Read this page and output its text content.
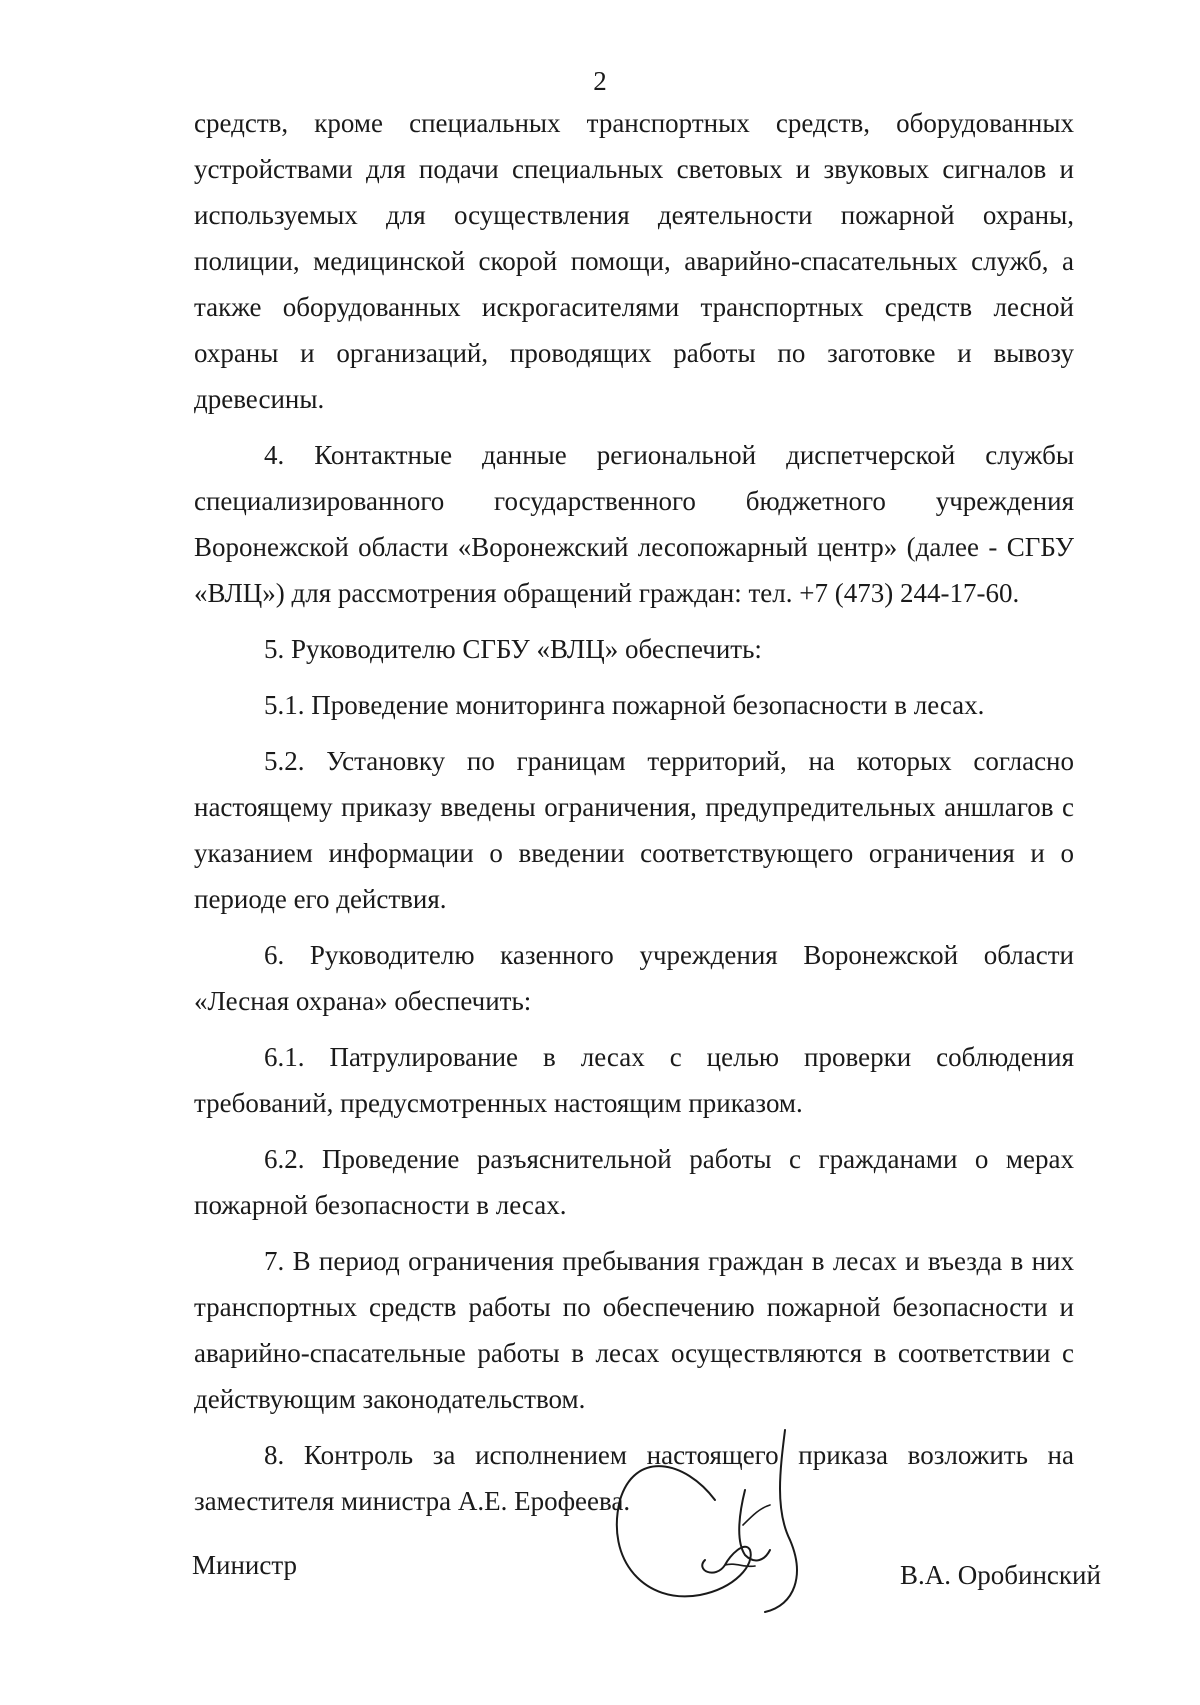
2

средств, кроме специальных транспортных средств, оборудованных устройствами для подачи специальных световых и звуковых сигналов и используемых для осуществления деятельности пожарной охраны, полиции, медицинской скорой помощи, аварийно-спасательных служб, а также оборудованных искрогасителями транспортных средств лесной охраны и организаций, проводящих работы по заготовке и вывозу древесины.

4. Контактные данные региональной диспетчерской службы специализированного государственного бюджетного учреждения Воронежской области «Воронежский лесопожарный центр» (далее - СГБУ «ВЛЦ») для рассмотрения обращений граждан: тел. +7 (473) 244-17-60.

5. Руководителю СГБУ «ВЛЦ» обеспечить:

5.1. Проведение мониторинга пожарной безопасности в лесах.

5.2. Установку по границам территорий, на которых согласно настоящему приказу введены ограничения, предупредительных аншлагов с указанием информации о введении соответствующего ограничения и о периоде его действия.

6. Руководителю казенного учреждения Воронежской области «Лесная охрана» обеспечить:

6.1. Патрулирование в лесах с целью проверки соблюдения требований, предусмотренных настоящим приказом.

6.2. Проведение разъяснительной работы с гражданами о мерах пожарной безопасности в лесах.

7. В период ограничения пребывания граждан в лесах и въезда в них транспортных средств работы по обеспечению пожарной безопасности и аварийно-спасательные работы в лесах осуществляются в соответствии с действующим законодательством.

8. Контроль за исполнением настоящего приказа возложить на заместителя министра А.Е. Ерофеева.

Министр	В.А. Оробинский
